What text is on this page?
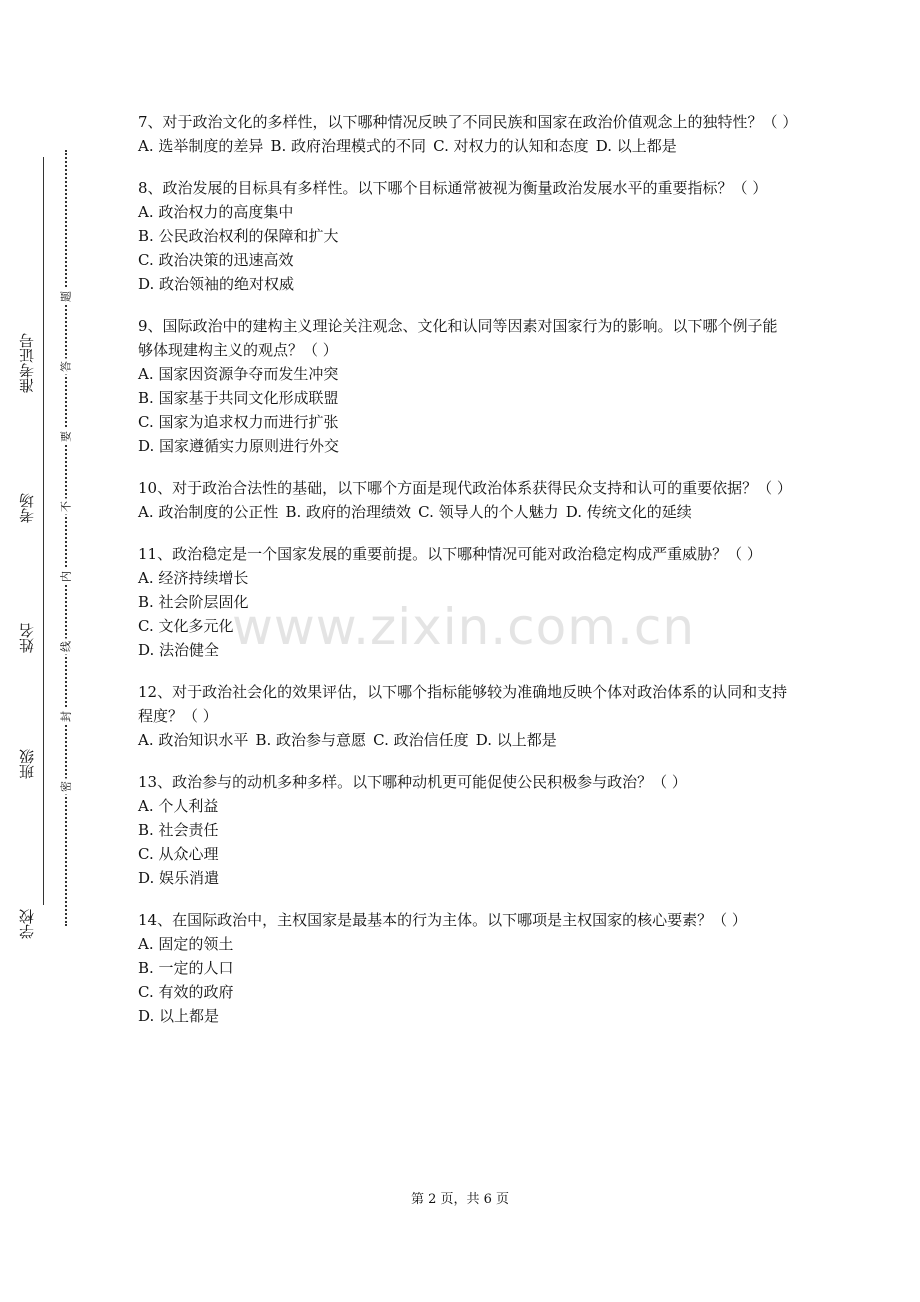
www.zixin.com.cn
准考证号
考场
姓名
班级
学校
题
答
要
不
内
线
封
密
7、对于政治文化的多样性，以下哪种情况反映了不同民族和国家在政治价值观念上的独特性？（ ）
A. 选举制度的差异 B. 政府治理模式的不同 C. 对权力的认知和态度 D. 以上都是
8、政治发展的目标具有多样性。以下哪个目标通常被视为衡量政治发展水平的重要指标？（ ）
A. 政治权力的高度集中
B. 公民政治权利的保障和扩大
C. 政治决策的迅速高效
D. 政治领袖的绝对权威
9、国际政治中的建构主义理论关注观念、文化和认同等因素对国家行为的影响。以下哪个例子能够体现建构主义的观点？（ ）
A. 国家因资源争夺而发生冲突
B. 国家基于共同文化形成联盟
C. 国家为追求权力而进行扩张
D. 国家遵循实力原则进行外交
10、对于政治合法性的基础，以下哪个方面是现代政治体系获得民众支持和认可的重要依据？（ ）
A. 政治制度的公正性 B. 政府的治理绩效 C. 领导人的个人魅力 D. 传统文化的延续
11、政治稳定是一个国家发展的重要前提。以下哪种情况可能对政治稳定构成严重威胁？（ ）
A. 经济持续增长
B. 社会阶层固化
C. 文化多元化
D. 法治健全
12、对于政治社会化的效果评估，以下哪个指标能够较为准确地反映个体对政治体系的认同和支持程度？（ ）
A. 政治知识水平 B. 政治参与意愿 C. 政治信任度 D. 以上都是
13、政治参与的动机多种多样。以下哪种动机更可能促使公民积极参与政治？（ ）
A. 个人利益
B. 社会责任
C. 从众心理
D. 娱乐消遣
14、在国际政治中，主权国家是最基本的行为主体。以下哪项是主权国家的核心要素？（ ）
A. 固定的领土
B. 一定的人口
C. 有效的政府
D. 以上都是
第 2 页，共 6 页
